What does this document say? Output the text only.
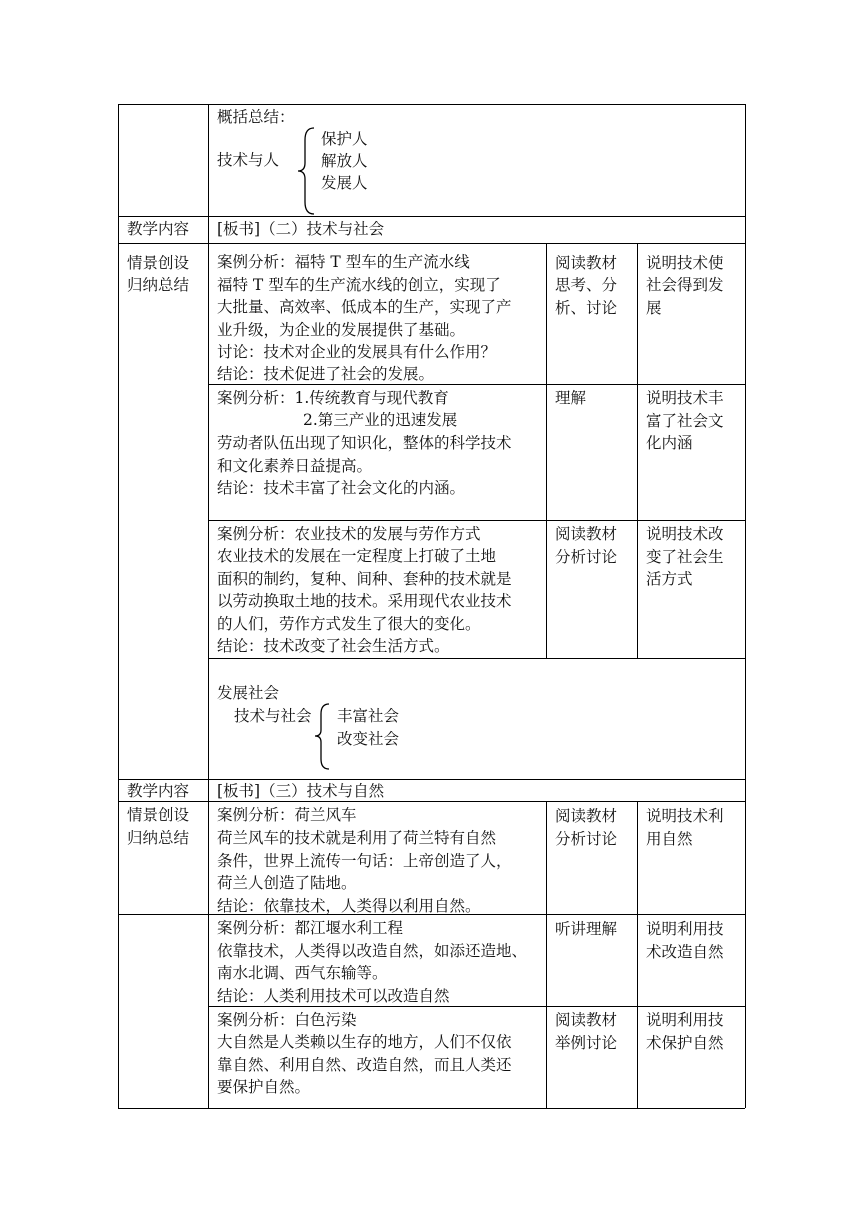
概括总结：
技术与人
保护人
解放人
发展人
教学内容 [板书]（二）技术与社会
情景创设
归纳总结
案例分析：福特 T 型车的生产流水线
福特 T 型车的生产流水线的创立，实现了
大批量、高效率、低成本的生产，实现了产
业升级，为企业的发展提供了基础。
讨论：技术对企业的发展具有什么作用？
结论：技术促进了社会的发展。
阅读教材
思考、分
析、讨论
说明技术使
社会得到发
展
案例分析：1.传统教育与现代教育
2.第三产业的迅速发展
劳动者队伍出现了知识化，整体的科学技术
和文化素养日益提高。
结论：技术丰富了社会文化的内涵。
理解	说明技术丰
富了社会文
化内涵
案例分析：农业技术的发展与劳作方式
农业技术的发展在一定程度上打破了土地
面积的制约，复种、间种、套种的技术就是
以劳动换取土地的技术。采用现代农业技术
的人们，劳作方式发生了很大的变化。
结论：技术改变了社会生活方式。
阅读教材
分析讨论
说明技术改
变了社会生
活方式
发展社会
技术与社会 丰富社会
改变社会
教学内容 [板书]（三）技术与自然
情景创设
归纳总结
案例分析：荷兰风车
荷兰风车的技术就是利用了荷兰特有自然
条件，世界上流传一句话：上帝创造了人，
荷兰人创造了陆地。
结论：依靠技术，人类得以利用自然。
阅读教材
分析讨论
说明技术利
用自然
案例分析：都江堰水利工程
依靠技术，人类得以改造自然，如添还造地、
南水北调、西气东输等。
结论：人类利用技术可以改造自然
听讲理解 说明利用技
术改造自然
案例分析：白色污染
大自然是人类赖以生存的地方，人们不仅依
靠自然、利用自然、改造自然，而且人类还
要保护自然。
阅读教材
举例讨论
说明利用技
术保护自然
